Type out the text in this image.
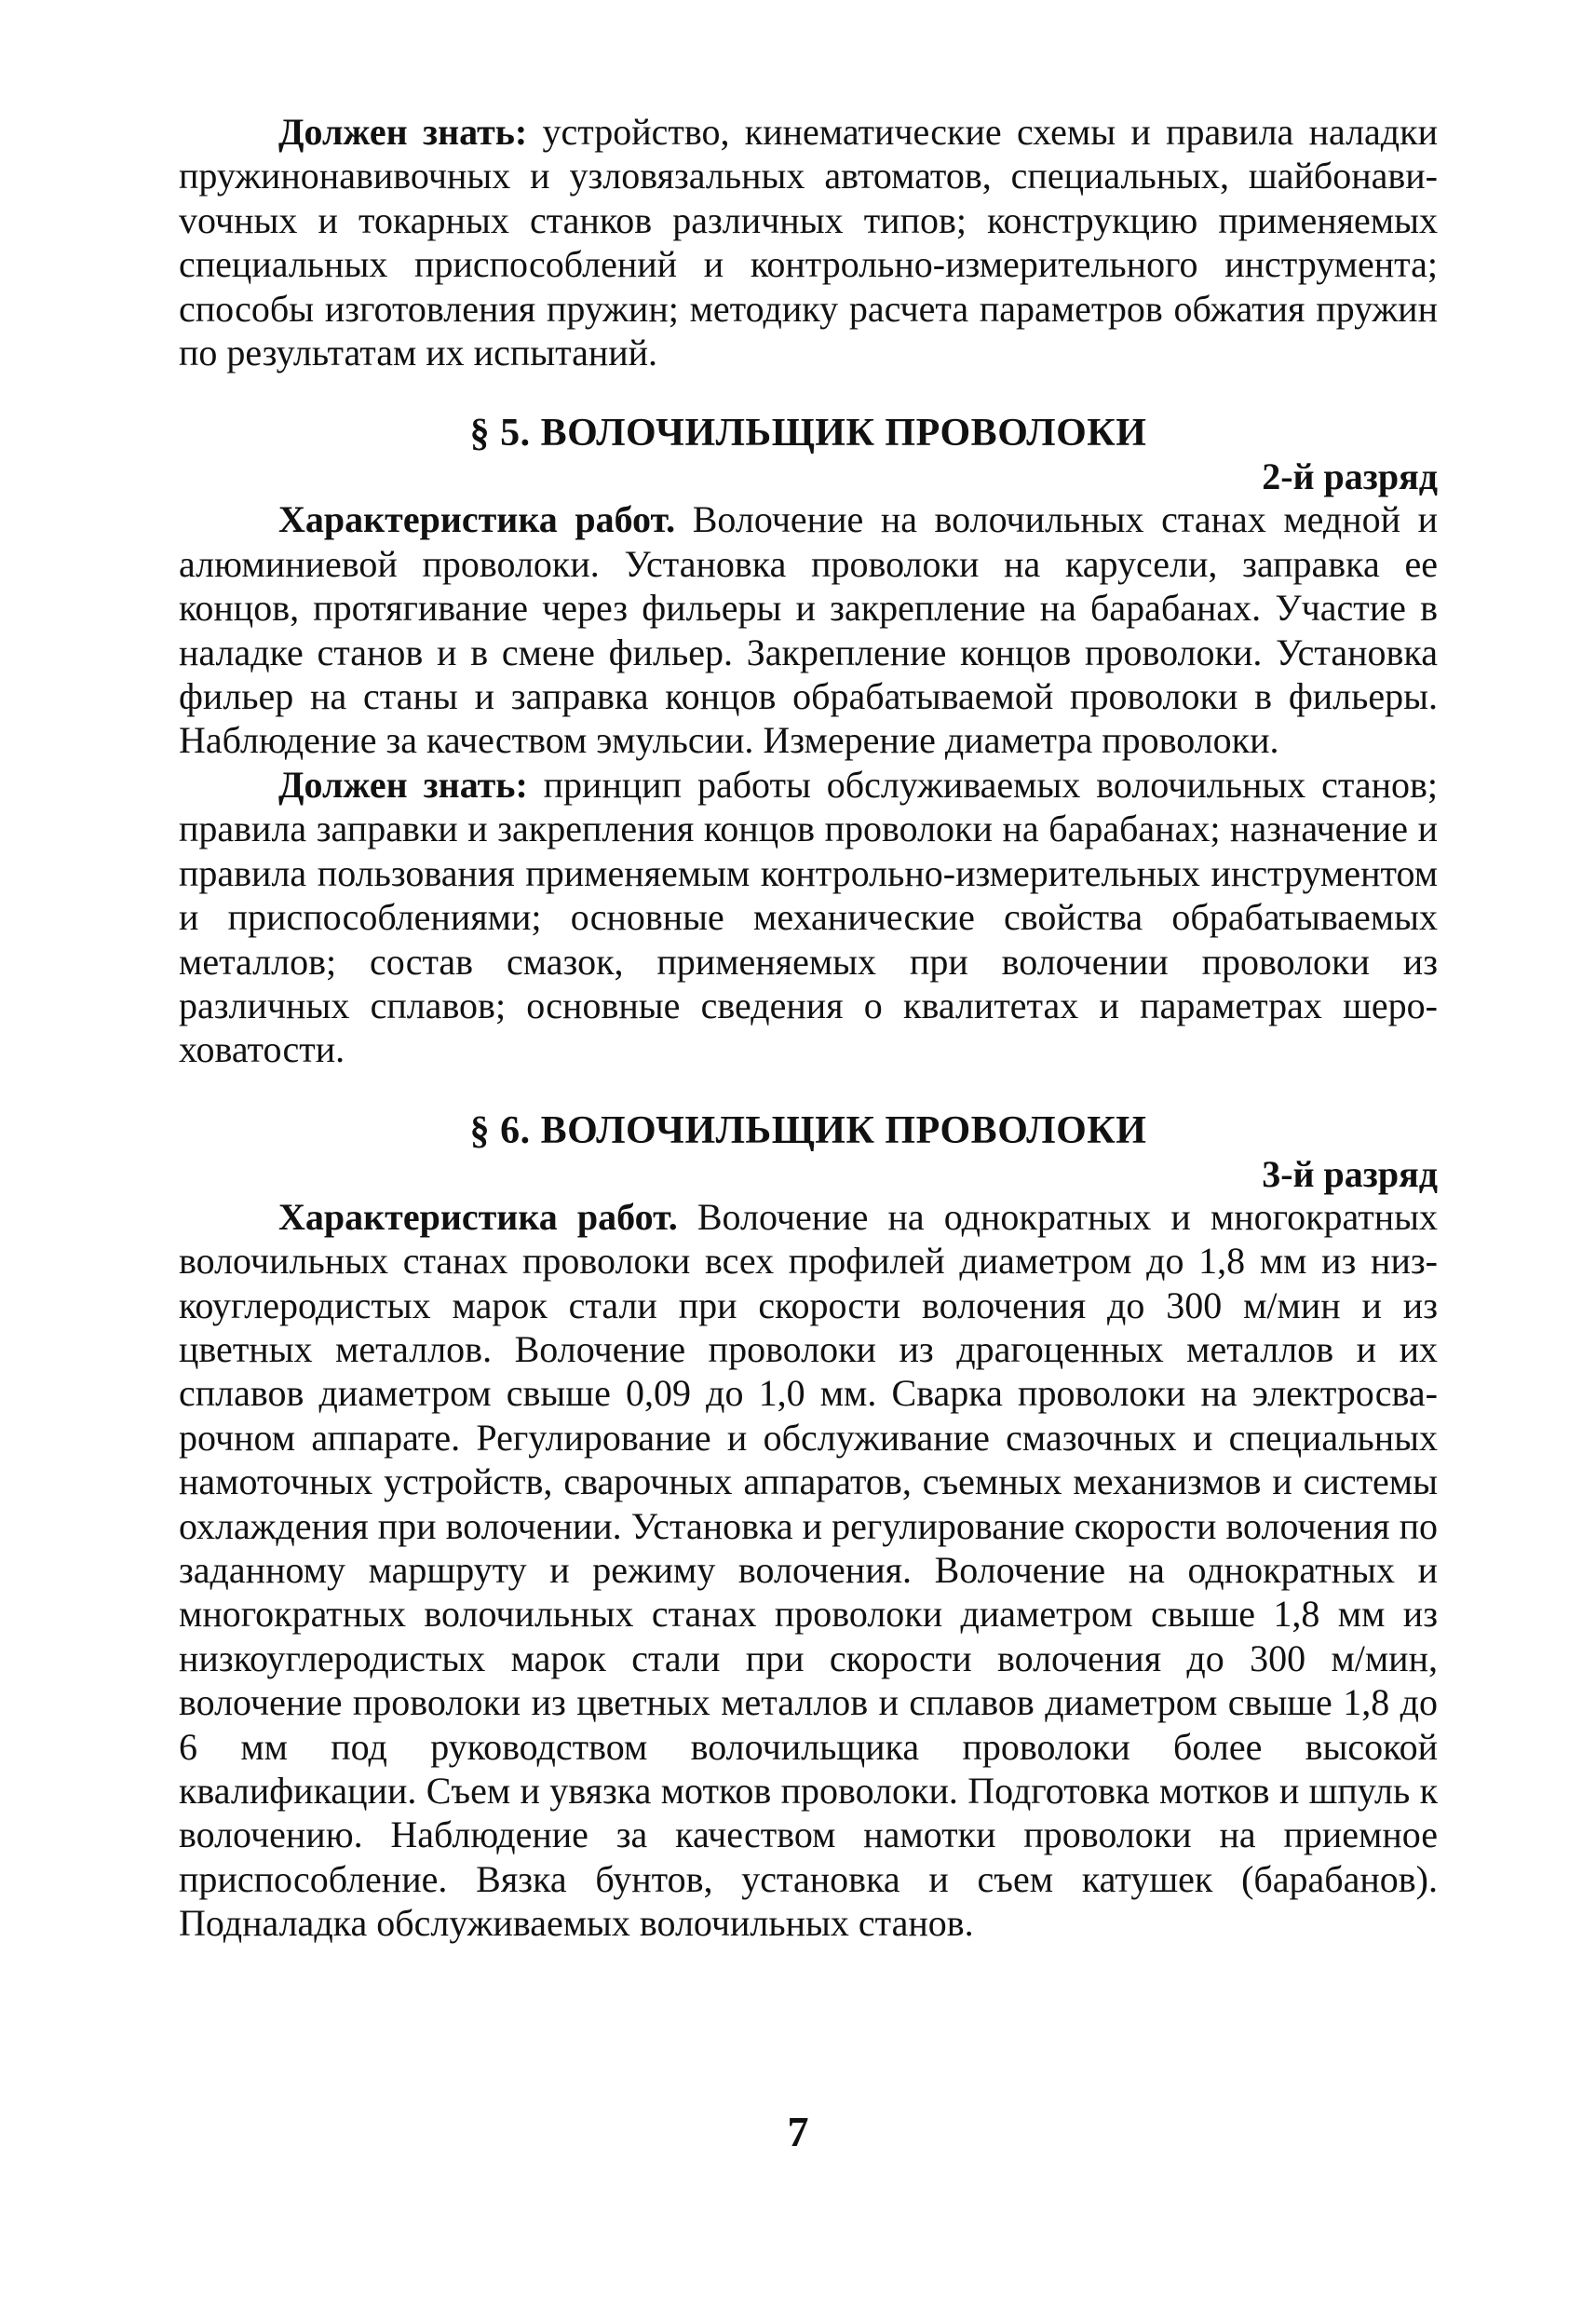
Должен знать: устройство, кинематические схемы и правила наладки пружинонавивочных и узловязальных автоматов, специальных, шайбонавиvочных и токарных станков различных типов; конструкцию применяемых специальных приспособлений и контрольно-измерительного инструмента; способы изготовления пружин; методику расчета параметров обжатия пружин по результатам их испытаний.

§ 5. ВОЛОЧИЛЬЩИК ПРОВОЛОКИ
2-й разряд

Характеристика работ. Волочение на волочильных станах медной и алюминиевой проволоки. Установка проволоки на карусели, заправка ее концов, протягивание через фильеры и закрепление на барабанах. Участие в наладке станов и в смене фильер. Закрепление концов проволоки. Установка фильер на станы и заправка концов обрабатываемой проволоки в фильеры. Наблюдение за качеством эмульсии. Измерение диаметра проволоки.

Должен знать: принцип работы обслуживаемых волочильных станов; правила заправки и закрепления концов проволоки на барабанах; назначение и правила пользования применяемым контрольно-измерительных инструментом и приспособлениями; основные механические свойства обрабатываемых металлов; состав смазок, применяемых при волочении проволоки из различных сплавов; основные сведения о квалитетах и параметрах шероховатости.

§ 6. ВОЛОЧИЛЬЩИК ПРОВОЛОКИ
3-й разряд

Характеристика работ. Волочение на однократных и многократных волочильных станах проволоки всех профилей диаметром до 1,8 мм из низкоуглеродистых марок стали при скорости волочения до 300 м/мин и из цветных металлов. Волочение проволоки из драгоценных металлов и их сплавов диаметром свыше 0,09 до 1,0 мм. Сварка проволоки на электросварочном аппарате. Регулирование и обслуживание смазочных и специальных намоточных устройств, сварочных аппаратов, съемных механизмов и системы охлаждения при волочении. Установка и регулирование скорости волочения по заданному маршруту и режиму волочения. Волочение на однократных и многократных волочильных станах проволоки диаметром свыше 1,8 мм из низкоуглеродистых марок стали при скорости волочения до 300 м/мин, волочение проволоки из цветных металлов и сплавов диаметром свыше 1,8 до 6 мм под руководством волочильщика проволоки более высокой квалификации. Съем и увязка мотков проволоки. Подготовка мотков и шпуль к волочению. Наблюдение за качеством намотки проволоки на приемное приспособление. Вязка бунтов, установка и съем катушек (барабанов). Подналадка обслуживаемых волочильных станов.

7
